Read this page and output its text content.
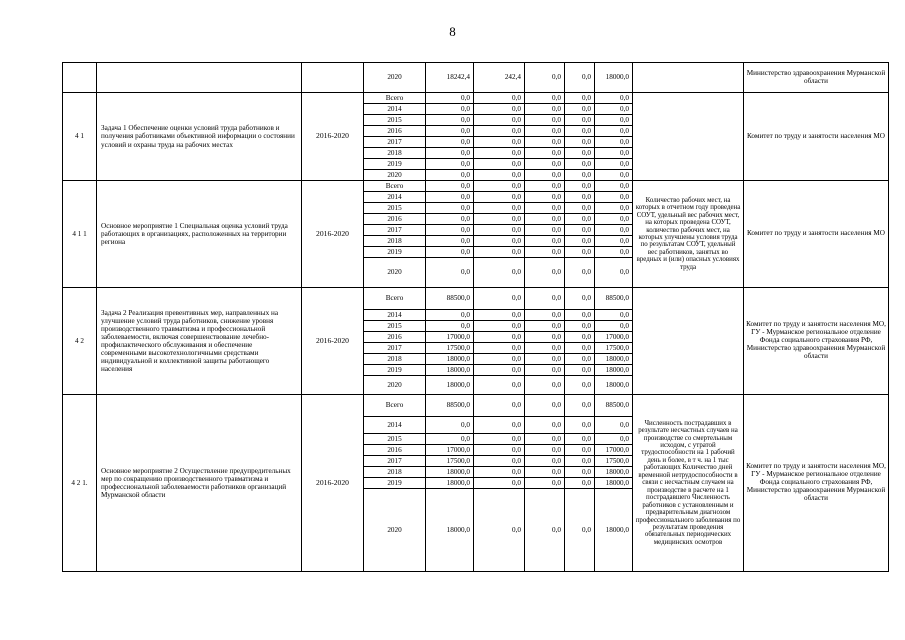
8
			2020	18242,4	242,4	0,0	0,0	18000,0		Министерство здравоохранения Мурманской области
4 1	Задача 1 Обеспечение оценки условий труда работников и получения работниками объективной информации о состоянии условий и охраны труда на рабочих местах	2016-2020	Всего	0,0	0,0	0,0	0,0	0,0		Комитет по труду и занятости населения МО
			2014	0,0	0,0	0,0	0,0	0,0		
			2015	0,0	0,0	0,0	0,0	0,0		
			2016	0,0	0,0	0,0	0,0	0,0		
			2017	0,0	0,0	0,0	0,0	0,0		
			2018	0,0	0,0	0,0	0,0	0,0		
			2019	0,0	0,0	0,0	0,0	0,0		
			2020	0,0	0,0	0,0	0,0	0,0		
4 1 1	Основное мероприятие 1 Специальная оценка условий труда работающих в организациях, расположенных на территории региона	2016-2020	Всего	0,0	0,0	0,0	0,0	0,0	Количество рабочих мест, на которых в отчетном году проведена СОУТ, удельный вес рабочих мест, на которых проведена СОУТ, количество рабочих мест, на которых улучшены условия труда по результатам СОУТ, удельный вес работников, занятых во вредных и (или) опасных условиях труда	Комитет по труду и занятости населения МО
			2014	0,0	0,0	0,0	0,0	0,0		
			2015	0,0	0,0	0,0	0,0	0,0		
			2016	0,0	0,0	0,0	0,0	0,0		
			2017	0,0	0,0	0,0	0,0	0,0		
			2018	0,0	0,0	0,0	0,0	0,0		
			2019	0,0	0,0	0,0	0,0	0,0		
			2020	0,0	0,0	0,0	0,0	0,0		
4 2	Задача 2 Реализация превентивных мер, направленных на улучшение условий труда работников, снижение уровня производственного травматизма и профессиональной заболеваемости, включая совершенствование лечебно-профилактического обслуживания и обеспечение современными высокотехнологичными средствами индивидуальной и коллективной защиты работающего населения	2016-2020	Всего	88500,0	0,0	0,0	0,0	88500,0		Комитет по труду и занятости населения МО, ГУ - Мурманское региональное отделение Фонда социального страхования РФ, Министерство здравоохранения Мурманской области
			2014	0,0	0,0	0,0	0,0	0,0		
			2015	0,0	0,0	0,0	0,0	0,0		
			2016	17000,0	0,0	0,0	0,0	17000,0		
			2017	17500,0	0,0	0,0	0,0	17500,0		
			2018	18000,0	0,0	0,0	0,0	18000,0		
			2019	18000,0	0,0	0,0	0,0	18000,0		
			2020	18000,0	0,0	0,0	0,0	18000,0		
4 2 1.	Основное мероприятие 2 Осуществление предупредительных мер по сокращению производственного травматизма и профессиональной заболеваемости работников организаций Мурманской области	2016-2020	Всего	88500,0	0,0	0,0	0,0	88500,0	Численность пострадавших в результате несчастных случаев на производстве со смертельным исходом, с утратой трудоспособности на 1 рабочий день и более, в т ч. на 1 тыс работающих Количество дней временной нетрудоспособности в связи с несчастным случаем на производстве в расчете на 1 пострадавшего Численность работников с установленным и предварительным диагнозом профессионального заболевания по результатам проведения обязательных периодических медицинских осмотров	Комитет по труду и занятости населения МО, ГУ - Мурманское региональное отделение Фонда социального страхования РФ, Министерство здравоохранения Мурманской области
			2014	0,0	0,0	0,0	0,0	0,0		
			2015	0,0	0,0	0,0	0,0	0,0		
			2016	17000,0	0,0	0,0	0,0	17000,0		
			2017	17500,0	0,0	0,0	0,0	17500,0		
			2018	18000,0	0,0	0,0	0,0	18000,0		
			2019	18000,0	0,0	0,0	0,0	18000,0		
			2020	18000,0	0,0	0,0	0,0	18000,0		
